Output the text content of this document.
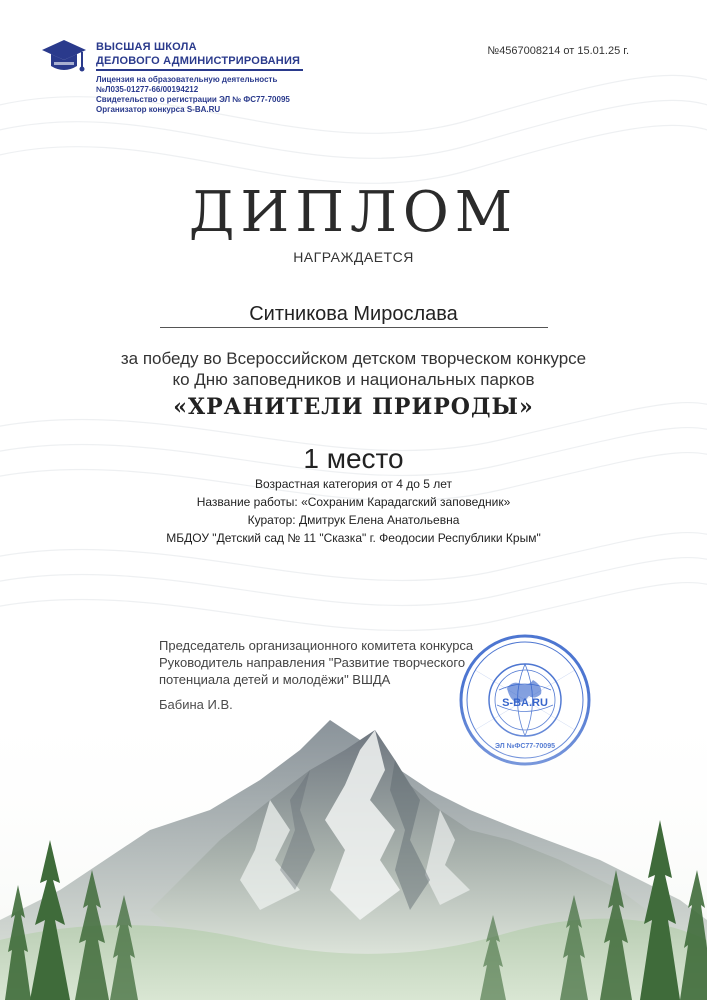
ВЫСШАЯ ШКОЛА
ДЕЛОВОГО АДМИНИСТРИРОВАНИЯ
Лицензия на образовательную деятельность
№Л035-01277-66/00194212
Свидетельство о регистрации ЭЛ № ФС77-70095
Организатор конкурса S-BA.RU
№4567008214 от 15.01.25 г.
ДИПЛОМ
НАГРАЖДАЕТСЯ
Ситникова Мирослава
за победу во Всероссийском детском творческом конкурсе
ко Дню заповедников и национальных парков
«ХРАНИТЕЛИ ПРИРОДЫ»
1 место
Возрастная категория от 4 до 5 лет
Название работы: «Сохраним Карадагский заповедник»
Куратор: Дмитрук Елена Анатольевна
МБДОУ "Детский сад № 11 "Сказка" г. Феодосии Республики Крым"
Председатель организационного комитета конкурса
Руководитель направления "Развитие творческого
потенциала детей и молодёжи" ВШДА
